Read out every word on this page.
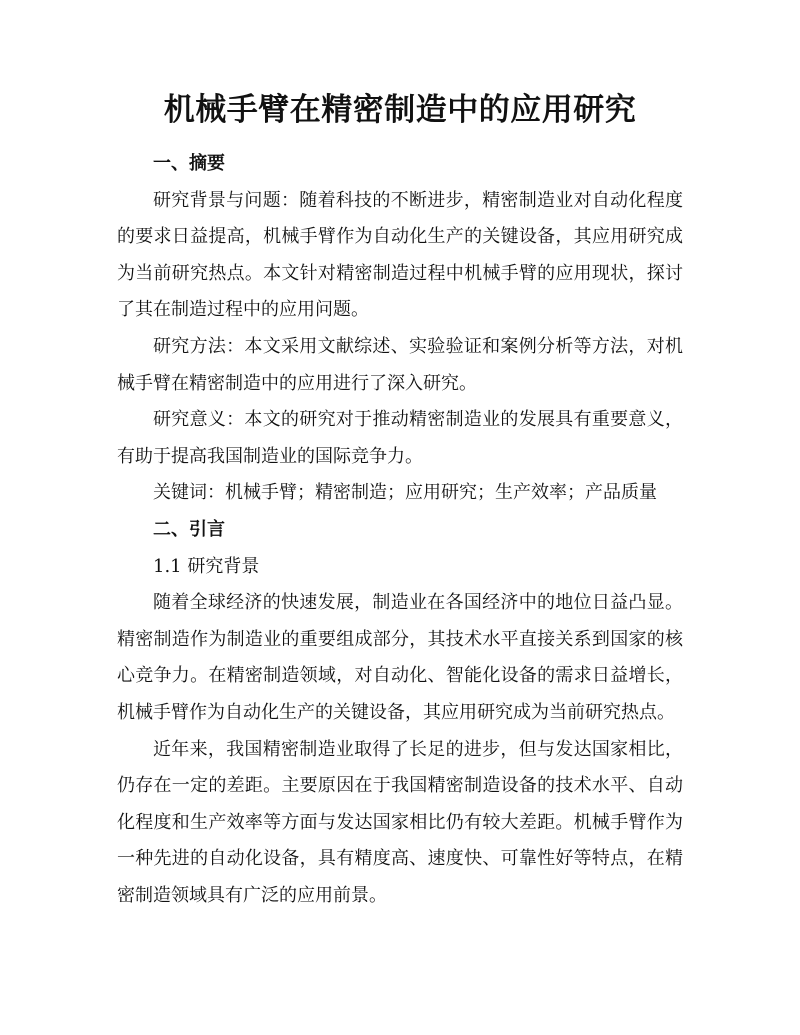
机械手臂在精密制造中的应用研究
一、摘要

研究背景与问题：随着科技的不断进步，精密制造业对自动化程度的要求日益提高，机械手臂作为自动化生产的关键设备，其应用研究成为当前研究热点。本文针对精密制造过程中机械手臂的应用现状，探讨了其在制造过程中的应用问题。

研究方法：本文采用文献综述、实验验证和案例分析等方法，对机械手臂在精密制造中的应用进行了深入研究。

研究意义：本文的研究对于推动精密制造业的发展具有重要意义，有助于提高我国制造业的国际竞争力。

关键词：机械手臂；精密制造；应用研究；生产效率；产品质量

二、引言

1.1 研究背景

随着全球经济的快速发展，制造业在各国经济中的地位日益凸显。精密制造作为制造业的重要组成部分，其技术水平直接关系到国家的核心竞争力。在精密制造领域，对自动化、智能化设备的需求日益增长，机械手臂作为自动化生产的关键设备，其应用研究成为当前研究热点。

近年来，我国精密制造业取得了长足的进步，但与发达国家相比，仍存在一定的差距。主要原因在于我国精密制造设备的技术水平、自动化程度和生产效率等方面与发达国家相比仍有较大差距。机械手臂作为一种先进的自动化设备，具有精度高、速度快、可靠性好等特点，在精密制造领域具有广泛的应用前景。
